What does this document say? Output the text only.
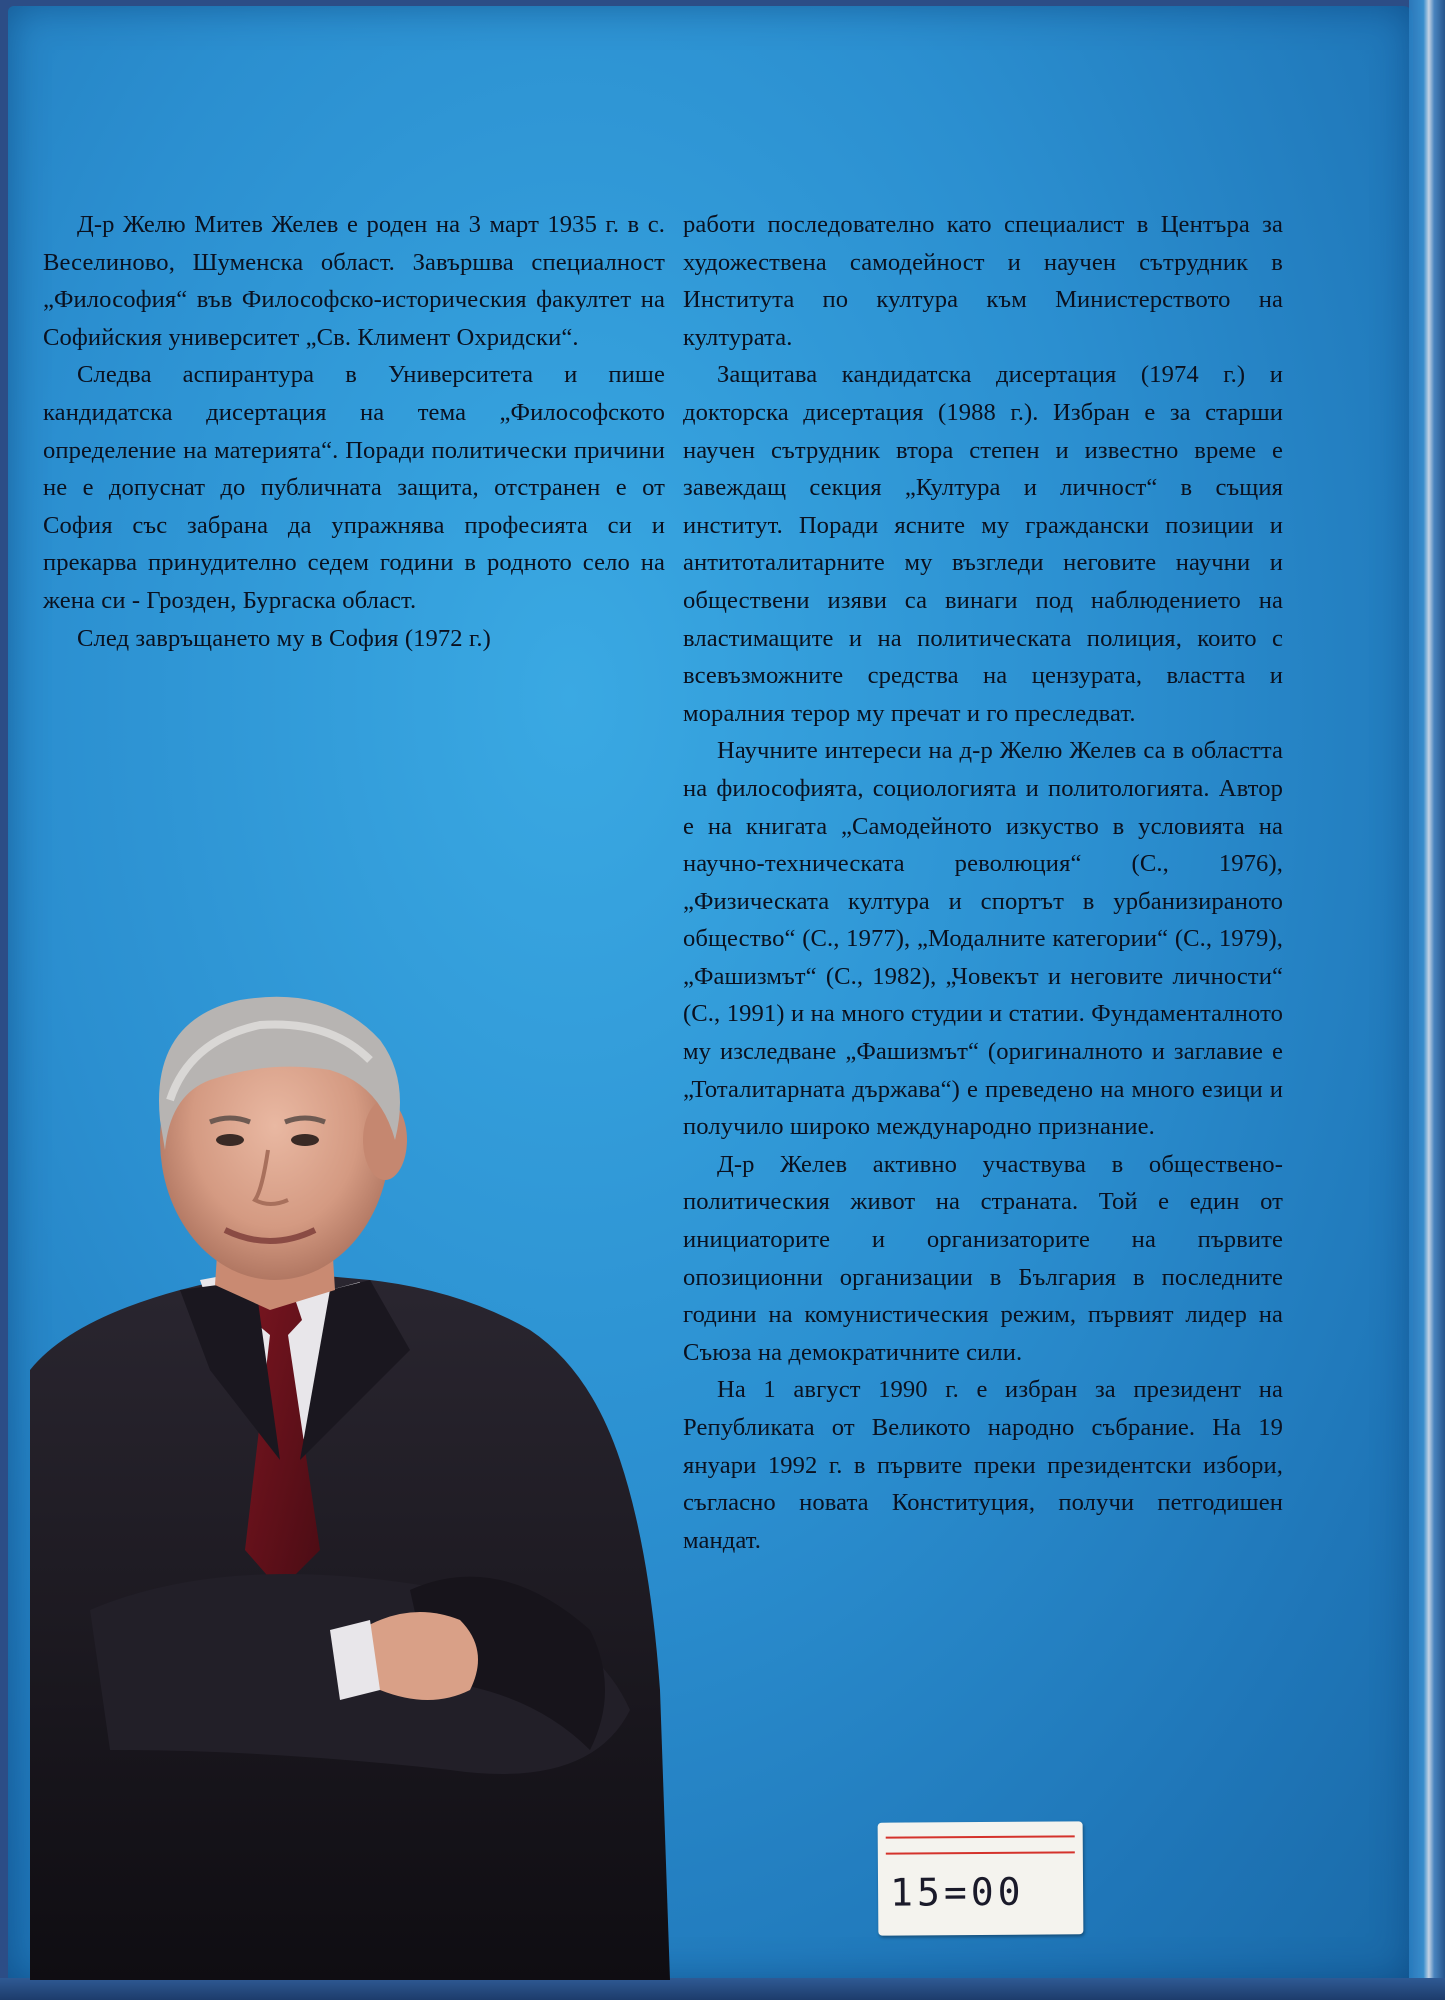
Д-р Желю Митев Желев е роден на 3 март 1935 г. в с. Веселиново, Шуменска област. Завършва специалност „Философия“ във Философско-историческия факултет на Софийския университет „Св. Климент Охридски“.

Следва аспирантура в Университета и пише кандидатска дисертация на тема „Философското определение на материята“. Поради политически причини не е допуснат до публичната защита, отстранен е от София със забрана да упражнява професията си и прекарва принудително седем години в родното село на жена си - Грозден, Бургаска област.

След завръщането му в София (1972 г.)

работи последователно като специалист в Центъра за художествена самодейност и научен сътрудник в Института по култура към Министерството на културата.

Защитава кандидатска дисертация (1974 г.) и докторска дисертация (1988 г.). Избран е за старши научен сътрудник втора степен и известно време е завеждащ секция „Култура и личност“ в същия институт. Поради ясните му граждански позиции и антитоталитарните му възгледи неговите научни и обществени изяви са винаги под наблюдението на властимащите и на политическата полиция, които с всевъзможните средства на цензурата, властта и моралния терор му пречат и го преследват.

Научните интереси на д-р Желю Желев са в областта на философията, социологията и политологията. Автор е на книгата „Самодейното изкуство в условията на научно-техническата революция“ (С., 1976), „Физическата култура и спортът в урбанизираното общество“ (С., 1977), „Модалните категории“ (С., 1979), „Фашизмът“ (С., 1982), „Човекът и неговите личности“ (С., 1991) и на много студии и статии. Фундаменталното му изследване „Фашизмът“ (оригиналното и заглавие е „Тоталитарната държава“) е преведено на много езици и получило широко международно признание.

Д-р Желев активно участвува в обществено-политическия живот на страната. Той е един от инициаторите и организаторите на първите опозиционни организации в България в последните години на комунистическия режим, първият лидер на Съюза на демократичните сили.

На 1 август 1990 г. е избран за президент на Републиката от Великото народно събрание. На 19 януари 1992 г. в първите преки президентски избори, съгласно новата Конституция, получи петгодишен мандат.

15=00
